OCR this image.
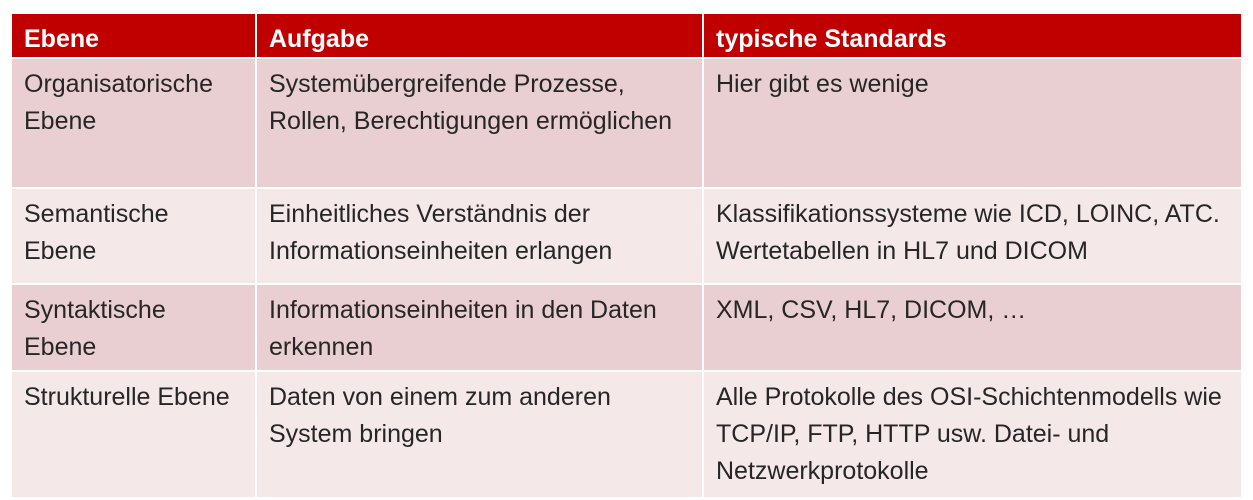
Ebene	Aufgabe	typische Standards
Organisatorische Ebene	Systemübergreifende Prozesse, Rollen, Berechtigungen ermöglichen	Hier gibt es wenige
Semantische Ebene	Einheitliches Verständnis der Informationseinheiten erlangen	Klassifikationssysteme wie ICD, LOINC, ATC. Wertetabellen in HL7 und DICOM
Syntaktische Ebene	Informationseinheiten in den Daten erkennen	XML, CSV, HL7, DICOM, …
Strukturelle Ebene	Daten von einem zum anderen System bringen	Alle Protokolle des OSI-Schichtenmodells wie TCP/IP, FTP, HTTP usw. Datei- und Netzwerkprotokolle
